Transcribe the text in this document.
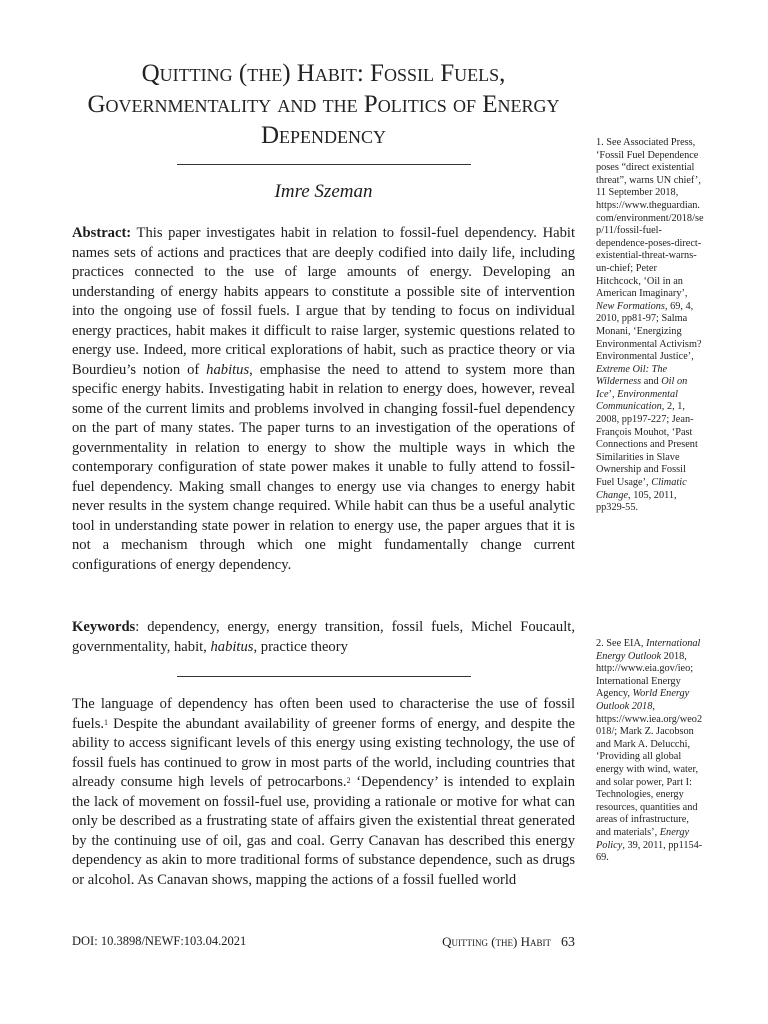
Quitting (the) Habit: Fossil Fuels, Governmentality and the Politics of Energy Dependency
Imre Szeman

Abstract: This paper investigates habit in relation to fossil-fuel dependency. Habit names sets of actions and practices that are deeply codified into daily life, including practices connected to the use of large amounts of energy. Developing an understanding of energy habits appears to constitute a possible site of intervention into the ongoing use of fossil fuels. I argue that by tending to focus on individual energy practices, habit makes it difficult to raise larger, systemic questions related to energy use. Indeed, more critical explorations of habit, such as practice theory or via Bourdieu’s notion of habitus, emphasise the need to attend to system more than specific energy habits. Investigating habit in relation to energy does, however, reveal some of the current limits and problems involved in changing fossil-fuel dependency on the part of many states. The paper turns to an investigation of the operations of governmentality in relation to energy to show the multiple ways in which the contemporary configuration of state power makes it unable to fully attend to fossil-fuel dependency. Making small changes to energy use via changes to energy habit never results in the system change required. While habit can thus be a useful analytic tool in understanding state power in relation to energy use, the paper argues that it is not a mechanism through which one might fundamentally change current configurations of energy dependency.

Keywords: dependency, energy, energy transition, fossil fuels, Michel Foucault, governmentality, habit, habitus, practice theory

The language of dependency has often been used to characterise the use of fossil fuels.$^1$ Despite the abundant availability of greener forms of energy, and despite the ability to access significant levels of this energy using existing technology, the use of fossil fuels has continued to grow in most parts of the world, including countries that already consume high levels of petrocarbons.$^2$ ‘Dependency’ is intended to explain the lack of movement on fossil-fuel use, providing a rationale or motive for what can only be described as a frustrating state of affairs given the existential threat generated by the continuing use of oil, gas and coal. Gerry Canavan has described this energy dependency as akin to more traditional forms of substance dependence, such as drugs or alcohol. As Canavan shows, mapping the actions of a fossil fuelled world

1. See Associated Press, ‘Fossil Fuel Dependence poses “direct existential threat”, warns UN chief’, 11 September 2018, https://www.theguardian.com/environment/2018/sep/11/fossil-fuel-dependence-poses-direct-existential-threat-warns-un-chief; Peter Hitchcock, ‘Oil in an American Imaginary’, New Formations, 69, 4, 2010, pp81-97; Salma Monani, ‘Energizing Environmental Activism? Environmental Justice’, Extreme Oil: The Wilderness and Oil on Ice’, Environmental Communication, 2, 1, 2008, pp197-227; Jean-François Mouhot, ‘Past Connections and Present Similarities in Slave Ownership and Fossil Fuel Usage’, Climatic Change, 105, 2011, pp329-55.

2. See EIA, International Energy Outlook 2018, http://www.eia.gov/ieo; International Energy Agency, World Energy Outlook 2018, https://www.iea.org/weo2018/; Mark Z. Jacobson and Mark A. Delucchi, ‘Providing all global energy with wind, water, and solar power, Part I: Technologies, energy resources, quantities and areas of infrastructure, and materials’, Energy Policy, 39, 2011, pp1154-69.

DOI: 10.3898/NEWF:103.04.2021	Quitting (the) Habit 63
